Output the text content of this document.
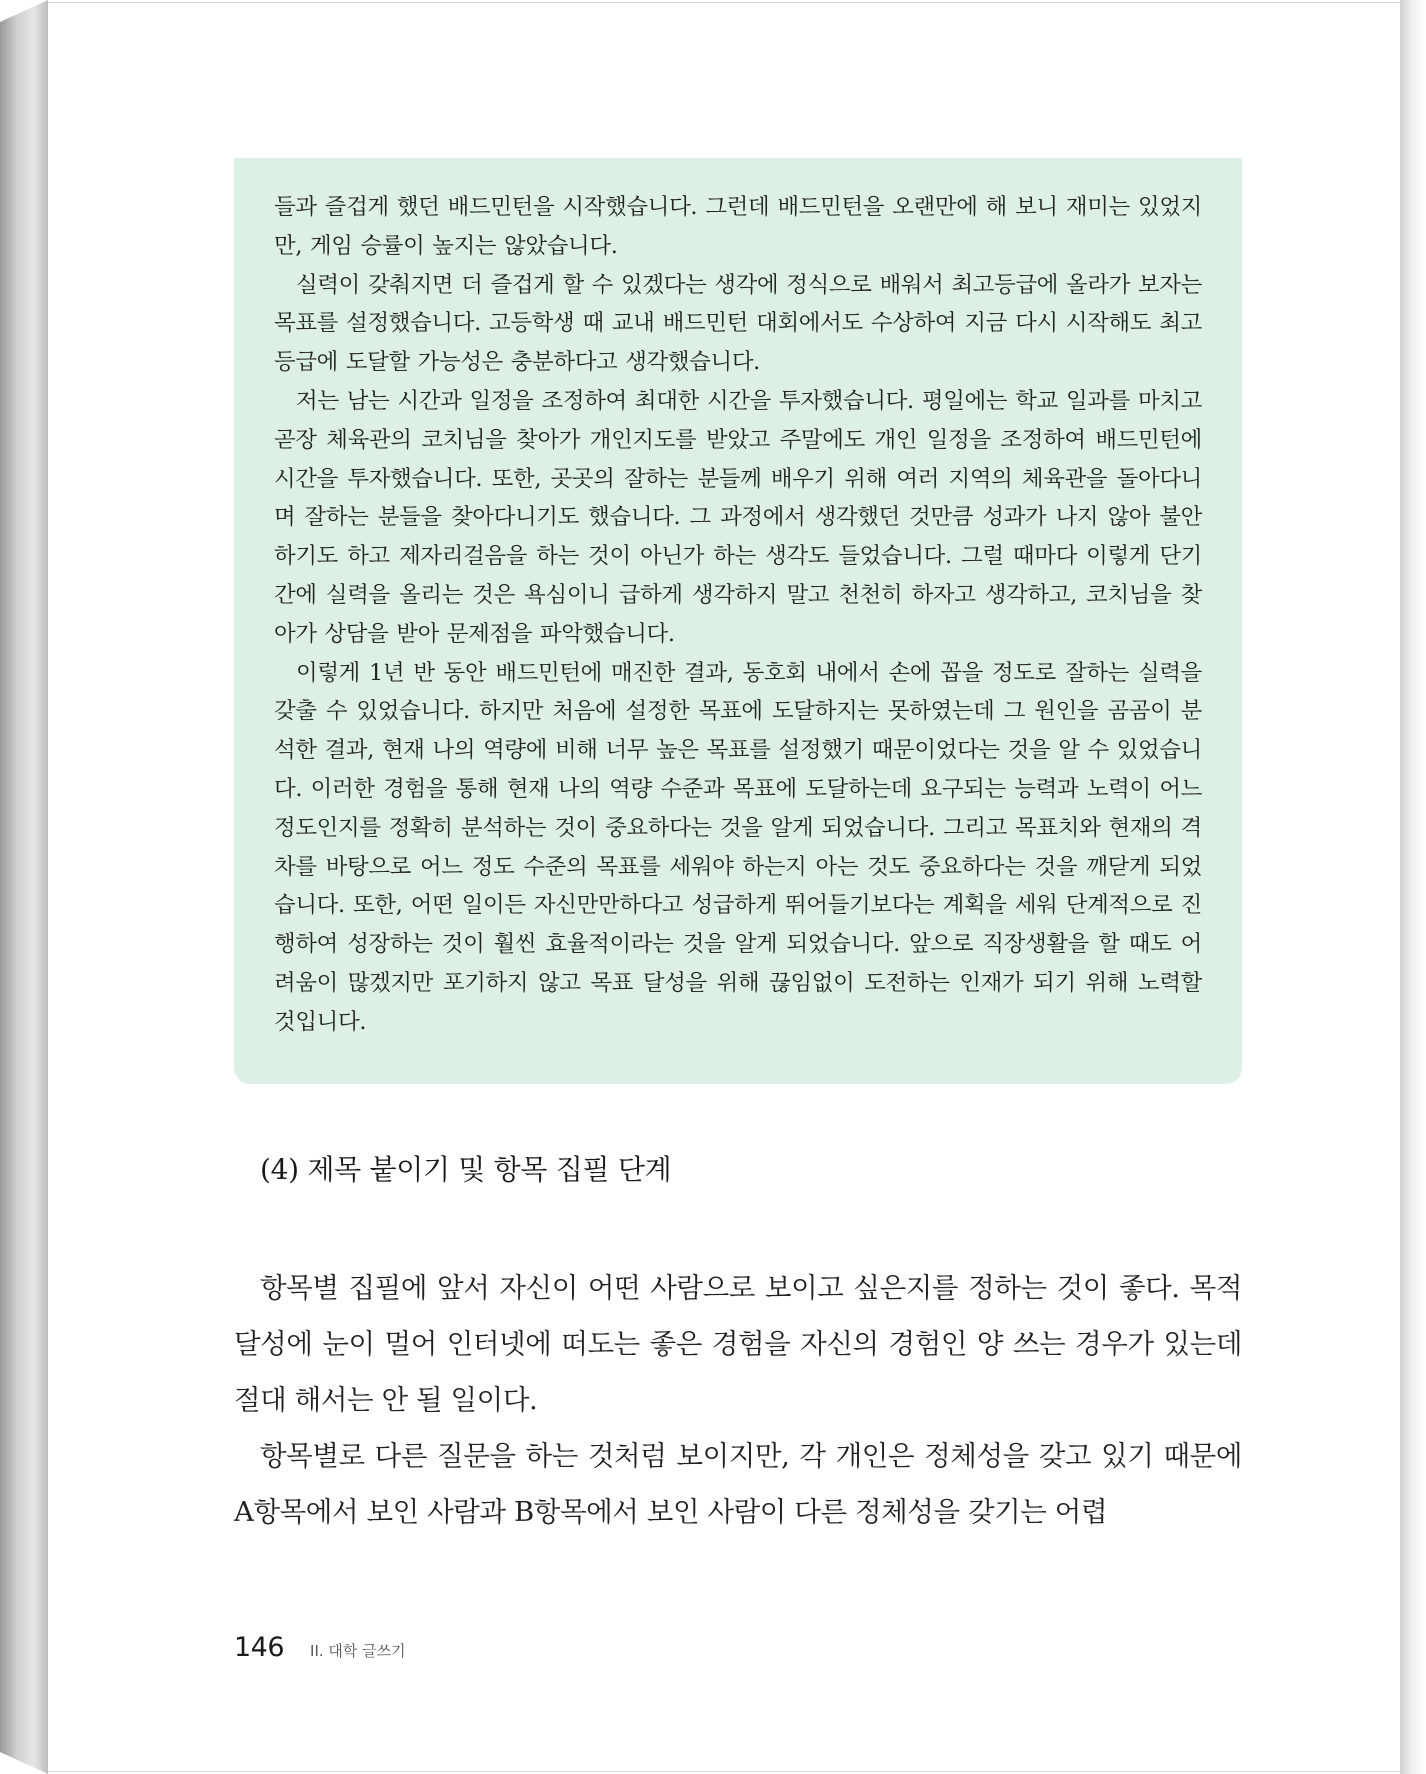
들과 즐겁게 했던 배드민턴을 시작했습니다. 그런데 배드민턴을 오랜만에 해 보니 재미는 있었지만, 게임 승률이 높지는 않았습니다.

실력이 갖춰지면 더 즐겁게 할 수 있겠다는 생각에 정식으로 배워서 최고등급에 올라가 보자는 목표를 설정했습니다. 고등학생 때 교내 배드민턴 대회에서도 수상하여 지금 다시 시작해도 최고등급에 도달할 가능성은 충분하다고 생각했습니다.

저는 남는 시간과 일정을 조정하여 최대한 시간을 투자했습니다. 평일에는 학교 일과를 마치고 곧장 체육관의 코치님을 찾아가 개인지도를 받았고 주말에도 개인 일정을 조정하여 배드민턴에 시간을 투자했습니다. 또한, 곳곳의 잘하는 분들께 배우기 위해 여러 지역의 체육관을 돌아다니며 잘하는 분들을 찾아다니기도 했습니다. 그 과정에서 생각했던 것만큼 성과가 나지 않아 불안하기도 하고 제자리걸음을 하는 것이 아닌가 하는 생각도 들었습니다. 그럴 때마다 이렇게 단기간에 실력을 올리는 것은 욕심이니 급하게 생각하지 말고 천천히 하자고 생각하고, 코치님을 찾아가 상담을 받아 문제점을 파악했습니다.

이렇게 1년 반 동안 배드민턴에 매진한 결과, 동호회 내에서 손에 꼽을 정도로 잘하는 실력을 갖출 수 있었습니다. 하지만 처음에 설정한 목표에 도달하지는 못하였는데 그 원인을 곰곰이 분석한 결과, 현재 나의 역량에 비해 너무 높은 목표를 설정했기 때문이었다는 것을 알 수 있었습니다. 이러한 경험을 통해 현재 나의 역량 수준과 목표에 도달하는데 요구되는 능력과 노력이 어느 정도인지를 정확히 분석하는 것이 중요하다는 것을 알게 되었습니다. 그리고 목표치와 현재의 격차를 바탕으로 어느 정도 수준의 목표를 세워야 하는지 아는 것도 중요하다는 것을 깨닫게 되었습니다. 또한, 어떤 일이든 자신만만하다고 성급하게 뛰어들기보다는 계획을 세워 단계적으로 진행하여 성장하는 것이 훨씬 효율적이라는 것을 알게 되었습니다. 앞으로 직장생활을 할 때도 어려움이 많겠지만 포기하지 않고 목표 달성을 위해 끊임없이 도전하는 인재가 되기 위해 노력할 것입니다.

(4) 제목 붙이기 및 항목 집필 단계

항목별 집필에 앞서 자신이 어떤 사람으로 보이고 싶은지를 정하는 것이 좋다. 목적 달성에 눈이 멀어 인터넷에 떠도는 좋은 경험을 자신의 경험인 양 쓰는 경우가 있는데 절대 해서는 안 될 일이다.

항목별로 다른 질문을 하는 것처럼 보이지만, 각 개인은 정체성을 갖고 있기 때문에 A항목에서 보인 사람과 B항목에서 보인 사람이 다른 정체성을 갖기는 어렵

146 II. 대학 글쓰기
